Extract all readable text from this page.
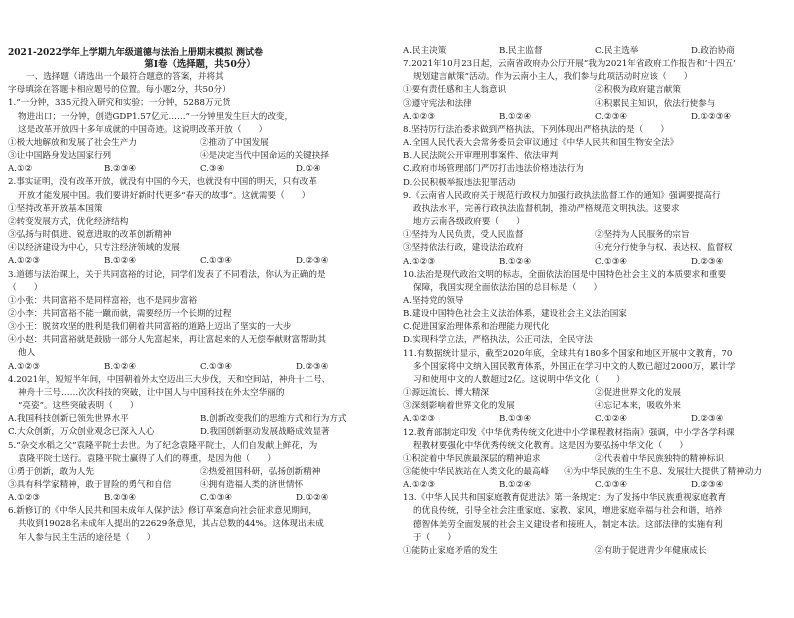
2021-2022学年上学期九年级道德与法治上册期末模拟 测试卷
第Ⅰ卷（选择题，共50分）
一、选择题（请选出一个最符合题意的答案，并将其
字母填涂在答题卡相应题号的位置。每小题2分，共50分）
1.“一分钟，335元投入研究和实验；一分钟，5288万元货
物进出口；一分钟，创造GDP1.57亿元……”一分钟里发生巨大的改变，
这是改革开放四十多年成就的中国奇迹。这说明改革开放（　　）
①极大地解放和发展了社会生产力	②推动了中国发展
③让中国路身发达国家行列	④是决定当代中国命运的关键抉择
A.①②	B.②③④	C.③④	D.①④
2.事实证明，没有改革开放，就没有中国的今天，也就没有中国的明天，只有改革
开放才能发展中国。我们要讲好新时代更多“春天的故事”。这就需要（　　）
①坚持改革开放基本国策
②转变发展方式，优化经济结构
③弘扬与时俱进、锐意进取的改革创新精神
④以经济建设为中心，只专注经济领域的发展
A.①②③	B.①②④	C.①③④	D.②③④
3.道德与法治课上，关于共同富裕的讨论，同学们发表了不同看法，你认为正确的是
（　　）
①小张：共同富裕不是同样富裕，也不是同步富裕
②小李：共同富裕不能一蹴而就，需要经历一个长期的过程
③小王：脱贫攻坚的胜利是我们朝着共同富裕的道路上迈出了坚实的一大步
④小赵：共同富裕就是鼓励一部分人先富起来，再让富起来的人无偿奉献财富帮助其
他人
A.①②③	B.①②④	C.①③④	D.②③④
4.2021年，短短半年间，中国朝着外太空迈出三大步伐，天和空间站，神舟十二号、
神舟十三号……次次科技的突破，让中国人与中国科技在外太空华丽的
“亮姿”。这些突破表明（　　）
A.我国科技创新已领先世界水平	B.创新改变我们的思维方式和行为方式
C.大众创新，万众创业观念已深入人心	D.我国创新驱动发展战略成效显著
5.“杂交水稻之父”袁隆平院士去世。为了纪念袁隆平院士，人们自发献上鲜花，为
袁隆平院士送行。袁隆平院士赢得了人们的尊重，是因为他（　　）
①勇于创新，敢为人先	②热爱祖国科研，弘扬创新精神
③具有科学家精神，敢于冒险的勇气和自信	④拥有造福人类的济世情怀
A.①②③	B.②③④	C.①③④	D.①②④
6.新修订的《中华人民共和国未成年人保护法》修订草案意向社会征求意见期间，
共收到19028名未成年人提出的22629条意见，其占总数的44%。这体现出未成
年人参与民主生活的途径是（　　）
A.民主决策	B.民主监督	C.民主选举	D.政治协商
7.2021年10月23日起，云南省政府办公厅开展“我为2021年省政府工作报告和‘十四五’
规划建言献策”活动。作为云南小主人，我们参与此项活动时应该（　　）
①要有责任感和主人翁意识	②积极为政府建言献策
③遵守宪法和法律	④积累民主知识，依法行使参与
A.①②③	B.①②④	C.②③④	D.①②③④
8.坚持厉行法治委求做到严格执法，下列体现出严格执法的是（　　）
A.全国人民代表大会常务委员会审议通过《中华人民共和国生物安全法》
B.人民法院公开审理刑事案件、依法审判
C.政府市场管理部门严厉打击违法价格违法行为
D.公民积极举报违法犯罪活动
9.《云南省人民政府关于规范行政权力加强行政执法监督工作的通知》强调要提高行
政执法水平，完善行政执法监督机制，推动严格规范文明执法。这要求
地方云南各级政府要（　　）
①坚持为人民负责，受人民监督	②坚持为人民服务的宗旨
③坚持依法行政，建设法治政府	④充分行使争与权、表达权、监督权
A.①②③	B.①②④	C.①③④	D.②③④
10.法治是现代政治文明的标志，全面依法治国是中国特色社会主义的本质要求和重要
保障，我国实现全面依法治国的总目标是（　　）
A.坚持党的领导
B.建设中国特色社会主义法治体系，建设社会主义法治国家
C.促进国家治理体系和治理能力现代化
D.实现科学立法，严格执法，公正司法，全民守法
11.有数据统计显示，截至2020年底，全球共有180多个国家和地区开展中文教育，70
多个国家将中文纳入国民教育体系，外国正在学习中文的人数已超过2000万，累计学
习和使用中文的人数超过2亿。这说明中华文化（　　）
①源远流长、博大精深	②促进世界文化的发展
③深刻影响着世界文化的发展	④忘记本来，吸收外来
A.①②③	B.①③④	C.①②④	D.②③④
12.教育部制定印发《中华优秀传统文化进中小学课程教材指南》强调，中小学各学科课
程教材要强化中华优秀传统文化教育。这是因为要弘扬中华文化（　　）
①积淀着中华民族最深层的精神追求	②代表着中华民族独特的精神标识
③能使中华民族站在人类文化的最高峰	④为中华民族的生生不息、发展壮大提供了精神动力
A.①②③	B.①②④	C.①③④	D.②③④
13.《中华人民共和国家庭教育促进法》第一条规定：为了发扬中华民族重视家庭教育
的优良传统，引导全社会注重家庭、家教、家风，增进家庭幸福与社会和谐，培养
德智体美劳全面发展的社会主义建设者和接班人，制定本法。这部法律的实施有利
于（　　）
①能防止家庭矛盾的发生	②有助于促进青少年健康成长
